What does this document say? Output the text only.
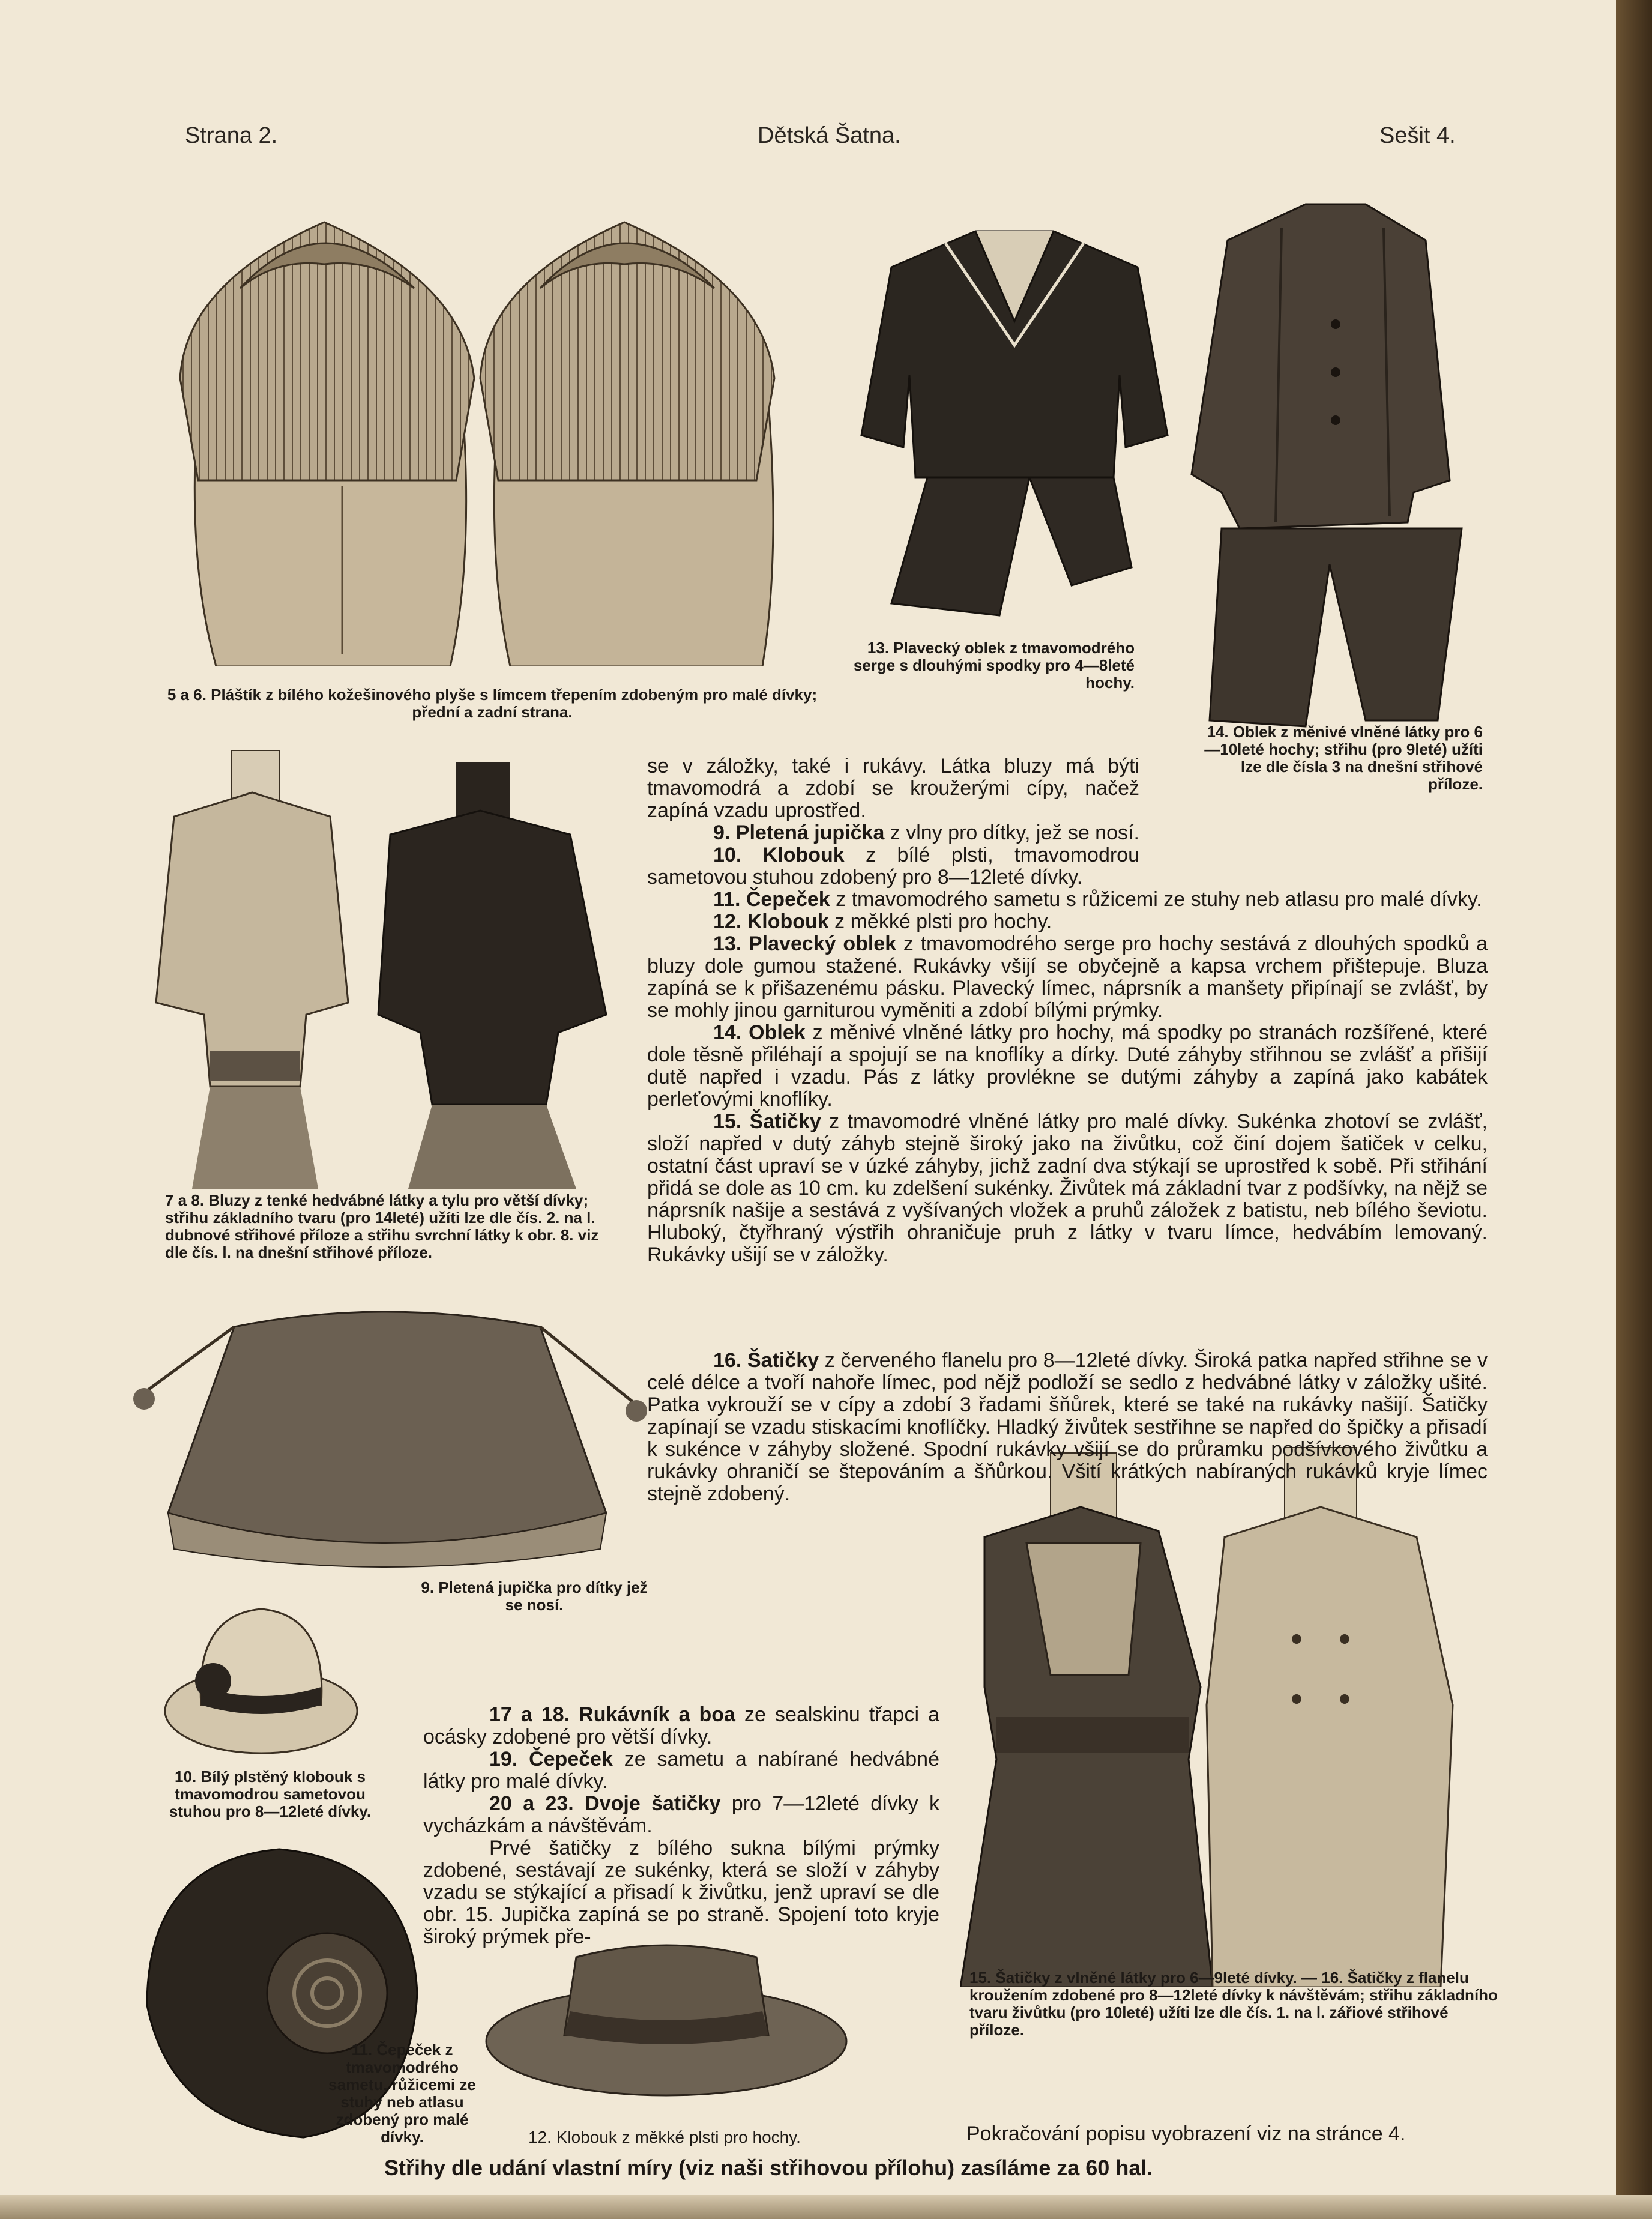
Strana 2.	Dětská Šatna.	Sešit 4.
5 a 6. Pláštík z bílého kožešinového plyše s límcem třepením zdobeným pro malé dívky; přední a zadní strana.
13. Plavecký oblek z tmavomodrého serge s dlouhými spodky pro 4—8leté hochy.
14. Oblek z měnivé vlněné látky pro 6—10leté hochy; střihu (pro 9leté) užíti lze dle čísla 3 na dnešní střihové příloze.
7 a 8. Bluzy z tenké hedvábné látky a tylu pro větší dívky; střihu základního tvaru (pro 14leté) užíti lze dle čís. 2. na l. dubnové střihové příloze a střihu svrchní látky k obr. 8. viz dle čís. l. na dnešní střihové příloze.
9. Pletená jupička pro dítky jež se nosí.
10. Bílý plstěný klobouk s tmavomodrou sametovou stuhou pro 8—12leté dívky.
11. Čepeček z tmavomodrého sametu, růžicemi ze stuhy neb atlasu zdobený pro malé dívky.	12. Klobouk z měkké plsti pro hochy.
15. Šatičky z vlněné látky pro 6—9leté dívky. — 16. Šatičky z flanelu kroužením zdobené pro 8—12leté dívky k návštěvám; střihu základního tvaru živůtku (pro 10leté) užíti lze dle čís. 1. na l. zářiové střihové příloze.

se v záložky, také i rukávy. Látka bluzy má býti tmavomodrá a zdobí se kroužerými cípy, načež zapíná vzadu uprostřed.

9. Pletená jupička z vlny pro dítky, jež se nosí.

10. Klobouk z bílé plsti, tmavomodrou sametovou stuhou zdobený pro 8—12leté dívky.

11. Čepeček z tmavomodrého sametu s růžicemi ze stuhy neb atlasu pro malé dívky.

12. Klobouk z měkké plsti pro hochy.

13. Plavecký oblek z tmavomodrého serge pro hochy sestává z dlouhých spodků a bluzy dole gumou stažené. Rukávky všijí se obyčejně a kapsa vrchem přištepuje. Bluza zapíná se k přišazenému pásku. Plavecký límec, náprsník a manšety připínají se zvlášť, by se mohly jinou garniturou vyměniti a zdobí bílými prýmky.

14. Oblek z měnivé vlněné látky pro hochy, má spodky po stranách rozšířené, které dole těsně přiléhají a spojují se na knoflíky a dírky. Duté záhyby střihnou se zvlášť a přišijí dutě napřed i vzadu. Pás z látky provlékne se dutými záhyby a zapíná jako kabátek perleťovými knoflíky.

15. Šatičky z tmavomodré vlněné látky pro malé dívky. Sukénka zhotoví se zvlášť, složí napřed v dutý záhyb stejně široký jako na živůtku, což činí dojem šatiček v celku, ostatní část upraví se v úzké záhyby, jichž zadní dva stýkají se uprostřed k sobě. Při střihání přidá se dole as 10 cm. ku zdelšení sukénky. Živůtek má základní tvar z podšívky, na nějž se náprsník našije a sestává z vyšívaných vložek a pruhů záložek z batistu, neb bílého ševiotu. Hluboký, čtyřhraný výstřih ohraničuje pruh z látky v tvaru límce, hedvábím lemovaný. Rukávky ušijí se v záložky.

16. Šatičky z červeného flanelu pro 8—12leté dívky. Široká patka napřed střihne se v celé délce a tvoří nahoře límec, pod nějž podloží se sedlo z hedvábné látky v záložky ušité. Patka vykrouží se v cípy a zdobí 3 řadami šňůrek, které se také na rukávky našijí. Šatičky zapínají se vzadu stiskacími knoflíčky. Hladký živůtek sestřihne se napřed do špičky a přisadí k sukénce v záhyby složené. Spodní rukávky všijí se do průramku podšívkového živůtku a rukávky ohraničí se štepováním a šňůrkou. Všití krátkých nabíraných rukávků kryje límec stejně zdobený.

17 a 18. Rukávník a boa ze sealskinu třapci a ocásky zdobené pro větší dívky.

19. Čepeček ze sametu a nabírané hedvábné látky pro malé dívky.

20 a 23. Dvoje šatičky pro 7—12leté dívky k vycházkám a návštěvám.

Prvé šatičky z bílého sukna bílými prýmky zdobené, sestávají ze sukénky, která se složí v záhyby vzadu se stýkající a přisadí k živůtku, jenž upraví se dle obr. 15. Jupička zapíná se po straně. Spojení toto kryje široký prýmek pře-

Pokračování popisu vyobrazení viz na stránce 4.
Střihy dle udání vlastní míry (viz naši střihovou přílohu) zasíláme za 60 hal.
